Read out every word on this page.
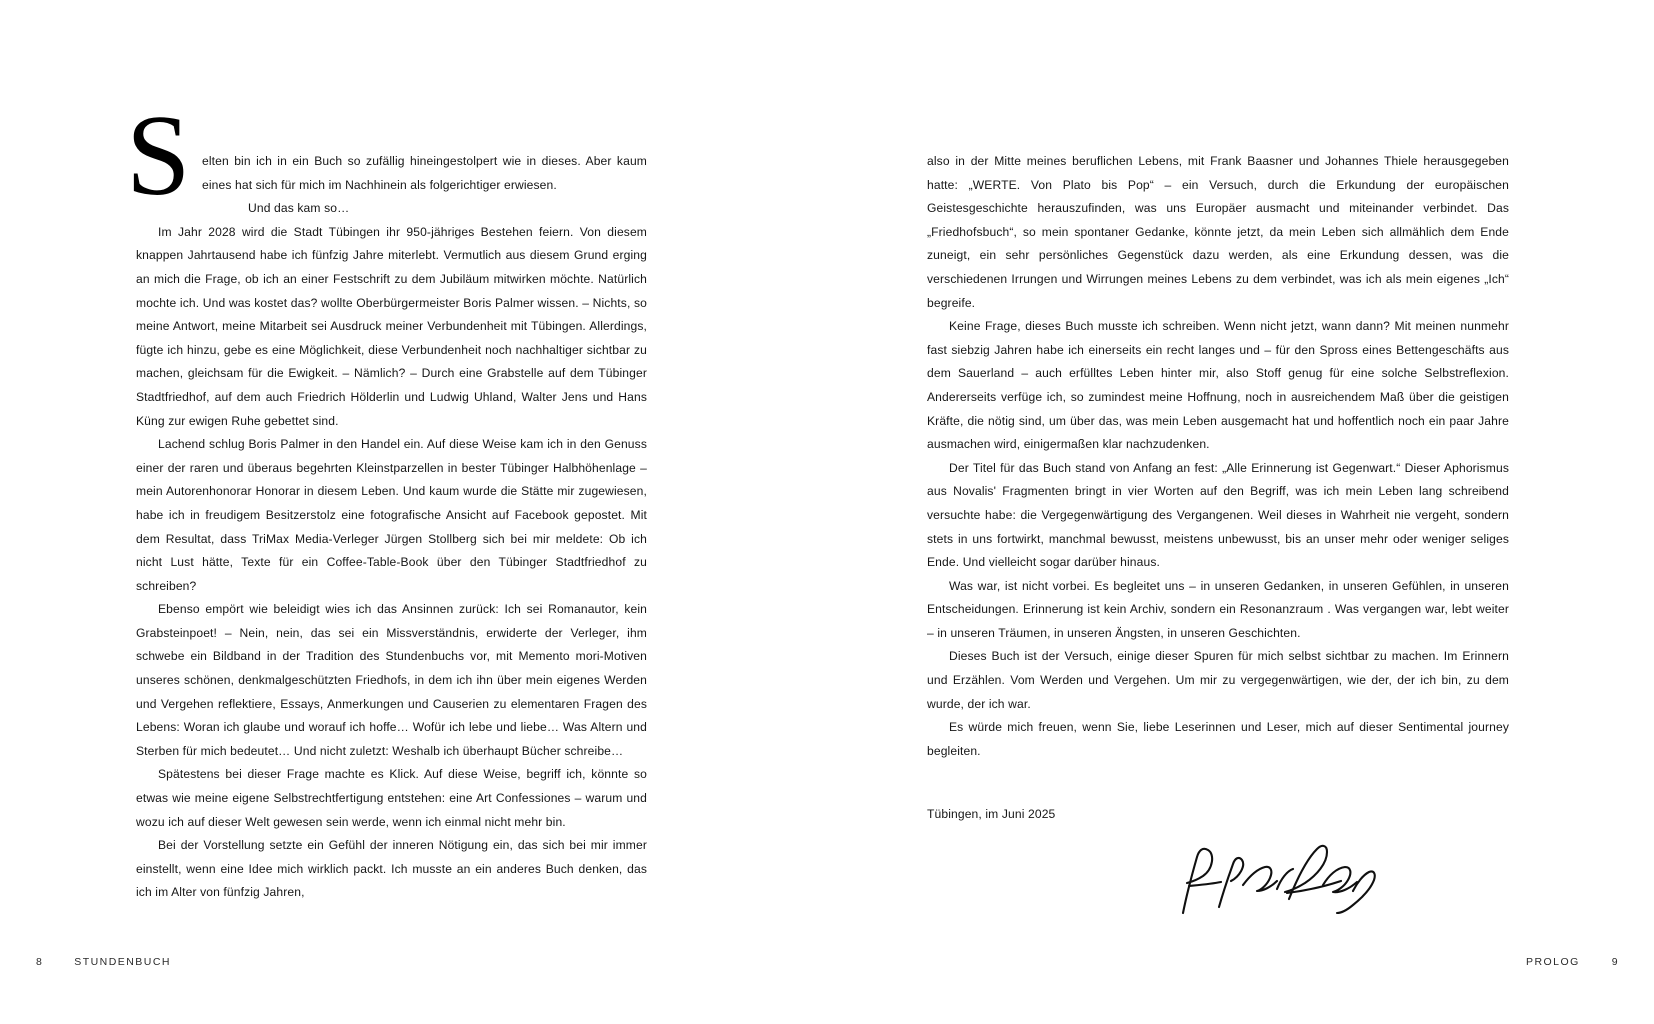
S elten bin ich in ein Buch so zufällig hineingestolpert wie in dieses. Aber kaum eines hat sich für mich im Nachhinein als folgerichtiger erwiesen.

Und das kam so…

Im Jahr 2028 wird die Stadt Tübingen ihr 950-jähriges Bestehen feiern. Von diesem knappen Jahrtausend habe ich fünfzig Jahre miterlebt. Vermutlich aus diesem Grund erging an mich die Frage, ob ich an einer Festschrift zu dem Jubiläum mitwirken möchte. Natürlich mochte ich. Und was kostet das? wollte Oberbürgermeister Boris Palmer wissen. – Nichts, so meine Antwort, meine Mitarbeit sei Ausdruck meiner Verbundenheit mit Tübingen. Allerdings, fügte ich hinzu, gebe es eine Möglichkeit, diese Verbundenheit noch nachhaltiger sichtbar zu machen, gleichsam für die Ewigkeit. – Nämlich? – Durch eine Grabstelle auf dem Tübinger Stadtfriedhof, auf dem auch Friedrich Hölderlin und Ludwig Uhland, Walter Jens und Hans Küng zur ewigen Ruhe gebettet sind.

Lachend schlug Boris Palmer in den Handel ein. Auf diese Weise kam ich in den Genuss einer der raren und überaus begehrten Kleinstparzellen in bester Tübinger Halbhöhenlage – mein Autorenhonorar Honorar in diesem Leben. Und kaum wurde die Stätte mir zugewiesen, habe ich in freudigem Besitzerstolz eine fotografische Ansicht auf Facebook gepostet. Mit dem Resultat, dass TriMax Media-Verleger Jürgen Stollberg sich bei mir meldete: Ob ich nicht Lust hätte, Texte für ein Coffee-Table-Book über den Tübinger Stadtfriedhof zu schreiben?

Ebenso empört wie beleidigt wies ich das Ansinnen zurück: Ich sei Romanautor, kein Grabsteinpoet! – Nein, nein, das sei ein Missverständnis, erwiderte der Verleger, ihm schwebe ein Bildband in der Tradition des Stundenbuchs vor, mit Memento mori-Motiven unseres schönen, denkmalgeschützten Friedhofs, in dem ich ihn über mein eigenes Werden und Vergehen reflektiere, Essays, Anmerkungen und Causerien zu elementaren Fragen des Lebens: Woran ich glaube und worauf ich hoffe… Wofür ich lebe und liebe… Was Altern und Sterben für mich bedeutet… Und nicht zuletzt: Weshalb ich überhaupt Bücher schreibe…

Spätestens bei dieser Frage machte es Klick. Auf diese Weise, begriff ich, könnte so etwas wie meine eigene Selbstrechtfertigung entstehen: eine Art Confessiones – warum und wozu ich auf dieser Welt gewesen sein werde, wenn ich einmal nicht mehr bin.

Bei der Vorstellung setzte ein Gefühl der inneren Nötigung ein, das sich bei mir immer einstellt, wenn eine Idee mich wirklich packt. Ich musste an ein anderes Buch denken, das ich im Alter von fünfzig Jahren,

8	STUNDENBUCH

also in der Mitte meines beruflichen Lebens, mit Frank Baasner und Johannes Thiele herausgegeben hatte: „WERTE. Von Plato bis Pop“ – ein Versuch, durch die Erkundung der europäischen Geistesgeschichte herauszufinden, was uns Europäer ausmacht und miteinander verbindet. Das „Friedhofsbuch“, so mein spontaner Gedanke, könnte jetzt, da mein Leben sich allmählich dem Ende zuneigt, ein sehr persönliches Gegenstück dazu werden, als eine Erkundung dessen, was die verschiedenen Irrungen und Wirrungen meines Lebens zu dem verbindet, was ich als mein eigenes „Ich“ begreife.

Keine Frage, dieses Buch musste ich schreiben. Wenn nicht jetzt, wann dann? Mit meinen nunmehr fast siebzig Jahren habe ich einerseits ein recht langes und – für den Spross eines Bettengeschäfts aus dem Sauerland – auch erfülltes Leben hinter mir, also Stoff genug für eine solche Selbstreflexion. Andererseits verfüge ich, so zumindest meine Hoffnung, noch in ausreichendem Maß über die geistigen Kräfte, die nötig sind, um über das, was mein Leben ausgemacht hat und hoffentlich noch ein paar Jahre ausmachen wird, einigermaßen klar nachzudenken.

Der Titel für das Buch stand von Anfang an fest: „Alle Erinnerung ist Gegenwart.“ Dieser Aphorismus aus Novalis' Fragmenten bringt in vier Worten auf den Begriff, was ich mein Leben lang schreibend versuchte habe: die Vergegenwärtigung des Vergangenen. Weil dieses in Wahrheit nie vergeht, sondern stets in uns fortwirkt, manchmal bewusst, meistens unbewusst, bis an unser mehr oder weniger seliges Ende. Und vielleicht sogar darüber hinaus.

Was war, ist nicht vorbei. Es begleitet uns – in unseren Gedanken, in unseren Gefühlen, in unseren Entscheidungen. Erinnerung ist kein Archiv, sondern ein Resonanzraum . Was vergangen war, lebt weiter – in unseren Träumen, in unseren Ängsten, in unseren Geschichten.

Dieses Buch ist der Versuch, einige dieser Spuren für mich selbst sichtbar zu machen. Im Erinnern und Erzählen. Vom Werden und Vergehen. Um mir zu vergegenwärtigen, wie der, der ich bin, zu dem wurde, der ich war.

Es würde mich freuen, wenn Sie, liebe Leserinnen und Leser, mich auf dieser Sentimental journey begleiten.

Tübingen, im Juni 2025

PROLOG	9
